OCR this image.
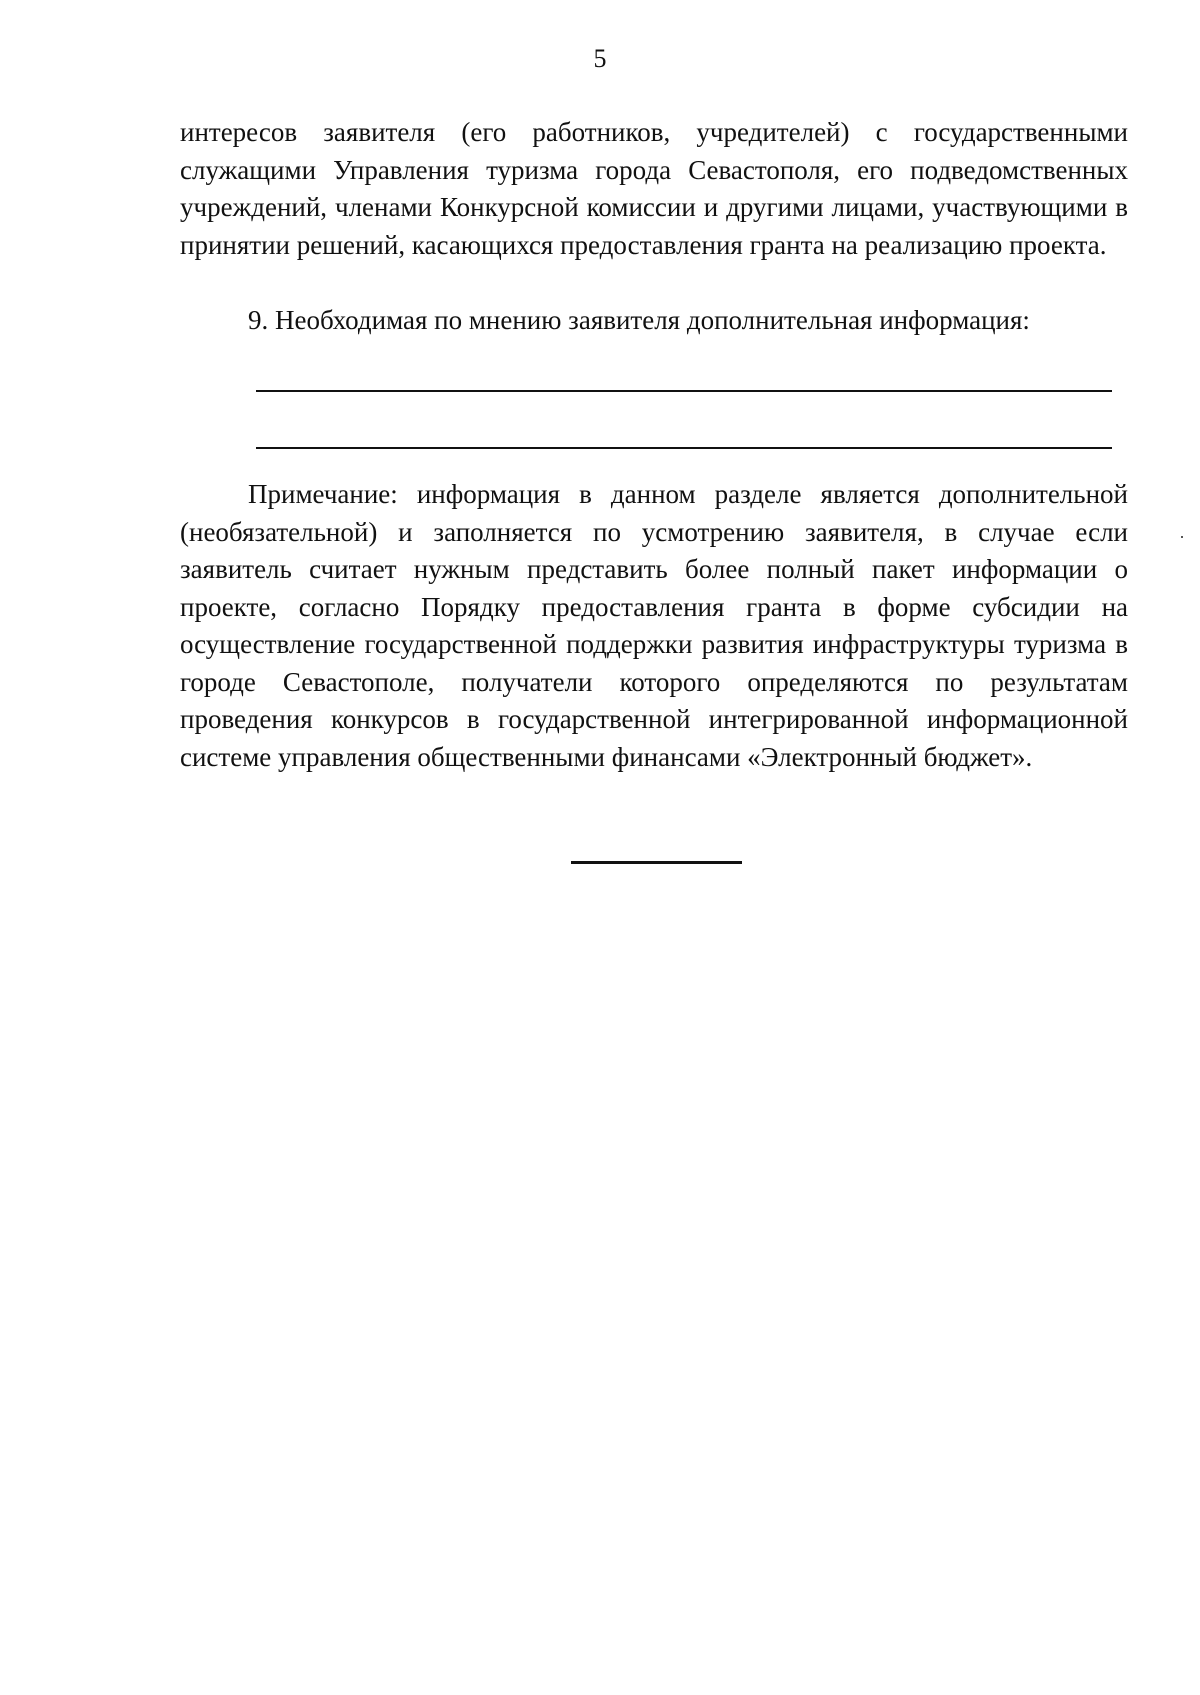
5

интересов заявителя (его работников, учредителей) с государственными служащими Управления туризма города Севастополя, его подведомственных учреждений, членами Конкурсной комиссии и другими лицами, участвующими в принятии решений, касающихся предоставления гранта на реализацию проекта.

9. Необходимая по мнению заявителя дополнительная информация:

Примечание: информация в данном разделе является дополнительной (необязательной) и заполняется по усмотрению заявителя, в случае если заявитель считает нужным представить более полный пакет информации о проекте, согласно Порядку предоставления гранта в форме субсидии на осуществление государственной поддержки развития инфраструктуры туризма в городе Севастополе, получатели которого определяются по результатам проведения конкурсов в государственной интегрированной информационной системе управления общественными финансами «Электронный бюджет».
